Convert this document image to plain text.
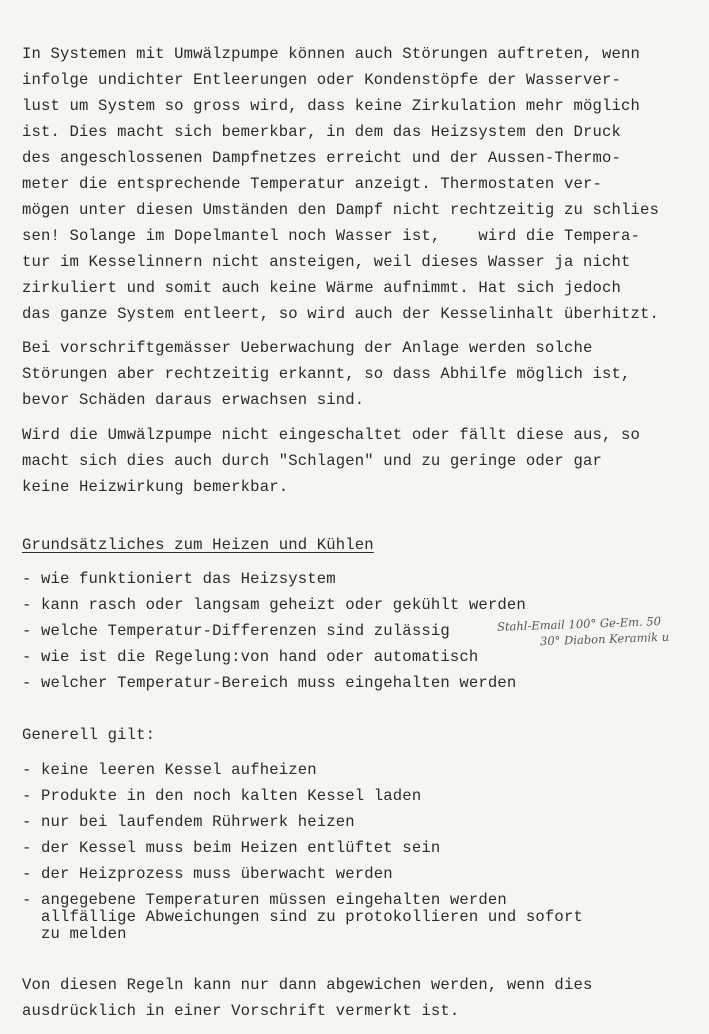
In Systemen mit Umwälzpumpe können auch Störungen auftreten, wenn
infolge undichter Entleerungen oder Kondenstöpfe der Wasserver-
lust um System so gross wird, dass keine Zirkulation mehr möglich
ist. Dies macht sich bemerkbar, in dem das Heizsystem den Druck
des angeschlossenen Dampfnetzes erreicht und der Aussen-Thermo-
meter die entsprechende Temperatur anzeigt. Thermostaten ver-
mögen unter diesen Umständen den Dampf nicht rechtzeitig zu schlies
sen! Solange im Dopelmantel noch Wasser ist,    wird die Tempera-
tur im Kesselinnern nicht ansteigen, weil dieses Wasser ja nicht
zirkuliert und somit auch keine Wärme aufnimmt. Hat sich jedoch
das ganze System entleert, so wird auch der Kesselinhalt überhitzt.
Bei vorschriftgemässer Ueberwachung der Anlage werden solche
Störungen aber rechtzeitig erkannt, so dass Abhilfe möglich ist,
bevor Schäden daraus erwachsen sind.
Wird die Umwälzpumpe nicht eingeschaltet oder fällt diese aus, so
macht sich dies auch durch "Schlagen" und zu geringe oder gar
keine Heizwirkung bemerkbar.
Grundsätzliches zum Heizen und Kühlen
- wie funktioniert das Heizsystem
- kann rasch oder langsam geheizt oder gekühlt werden
- welche Temperatur-Differenzen sind zulässig
- wie ist die Regelung:von hand oder automatisch
- welcher Temperatur-Bereich muss eingehalten werden
Stahl-Email 100° Ge-Em. 50
30° Diabon Keramik u
Generell gilt:
- keine leeren Kessel aufheizen
- Produkte in den noch kalten Kessel laden
- nur bei laufendem Rührwerk heizen
- der Kessel muss beim Heizen entlüftet sein
- der Heizprozess muss überwacht werden
- angegebene Temperaturen müssen eingehalten werden
allfällige Abweichungen sind zu protokollieren und sofort
zu melden
Von diesen Regeln kann nur dann abgewichen werden, wenn dies
ausdrücklich in einer Vorschrift vermerkt ist.
